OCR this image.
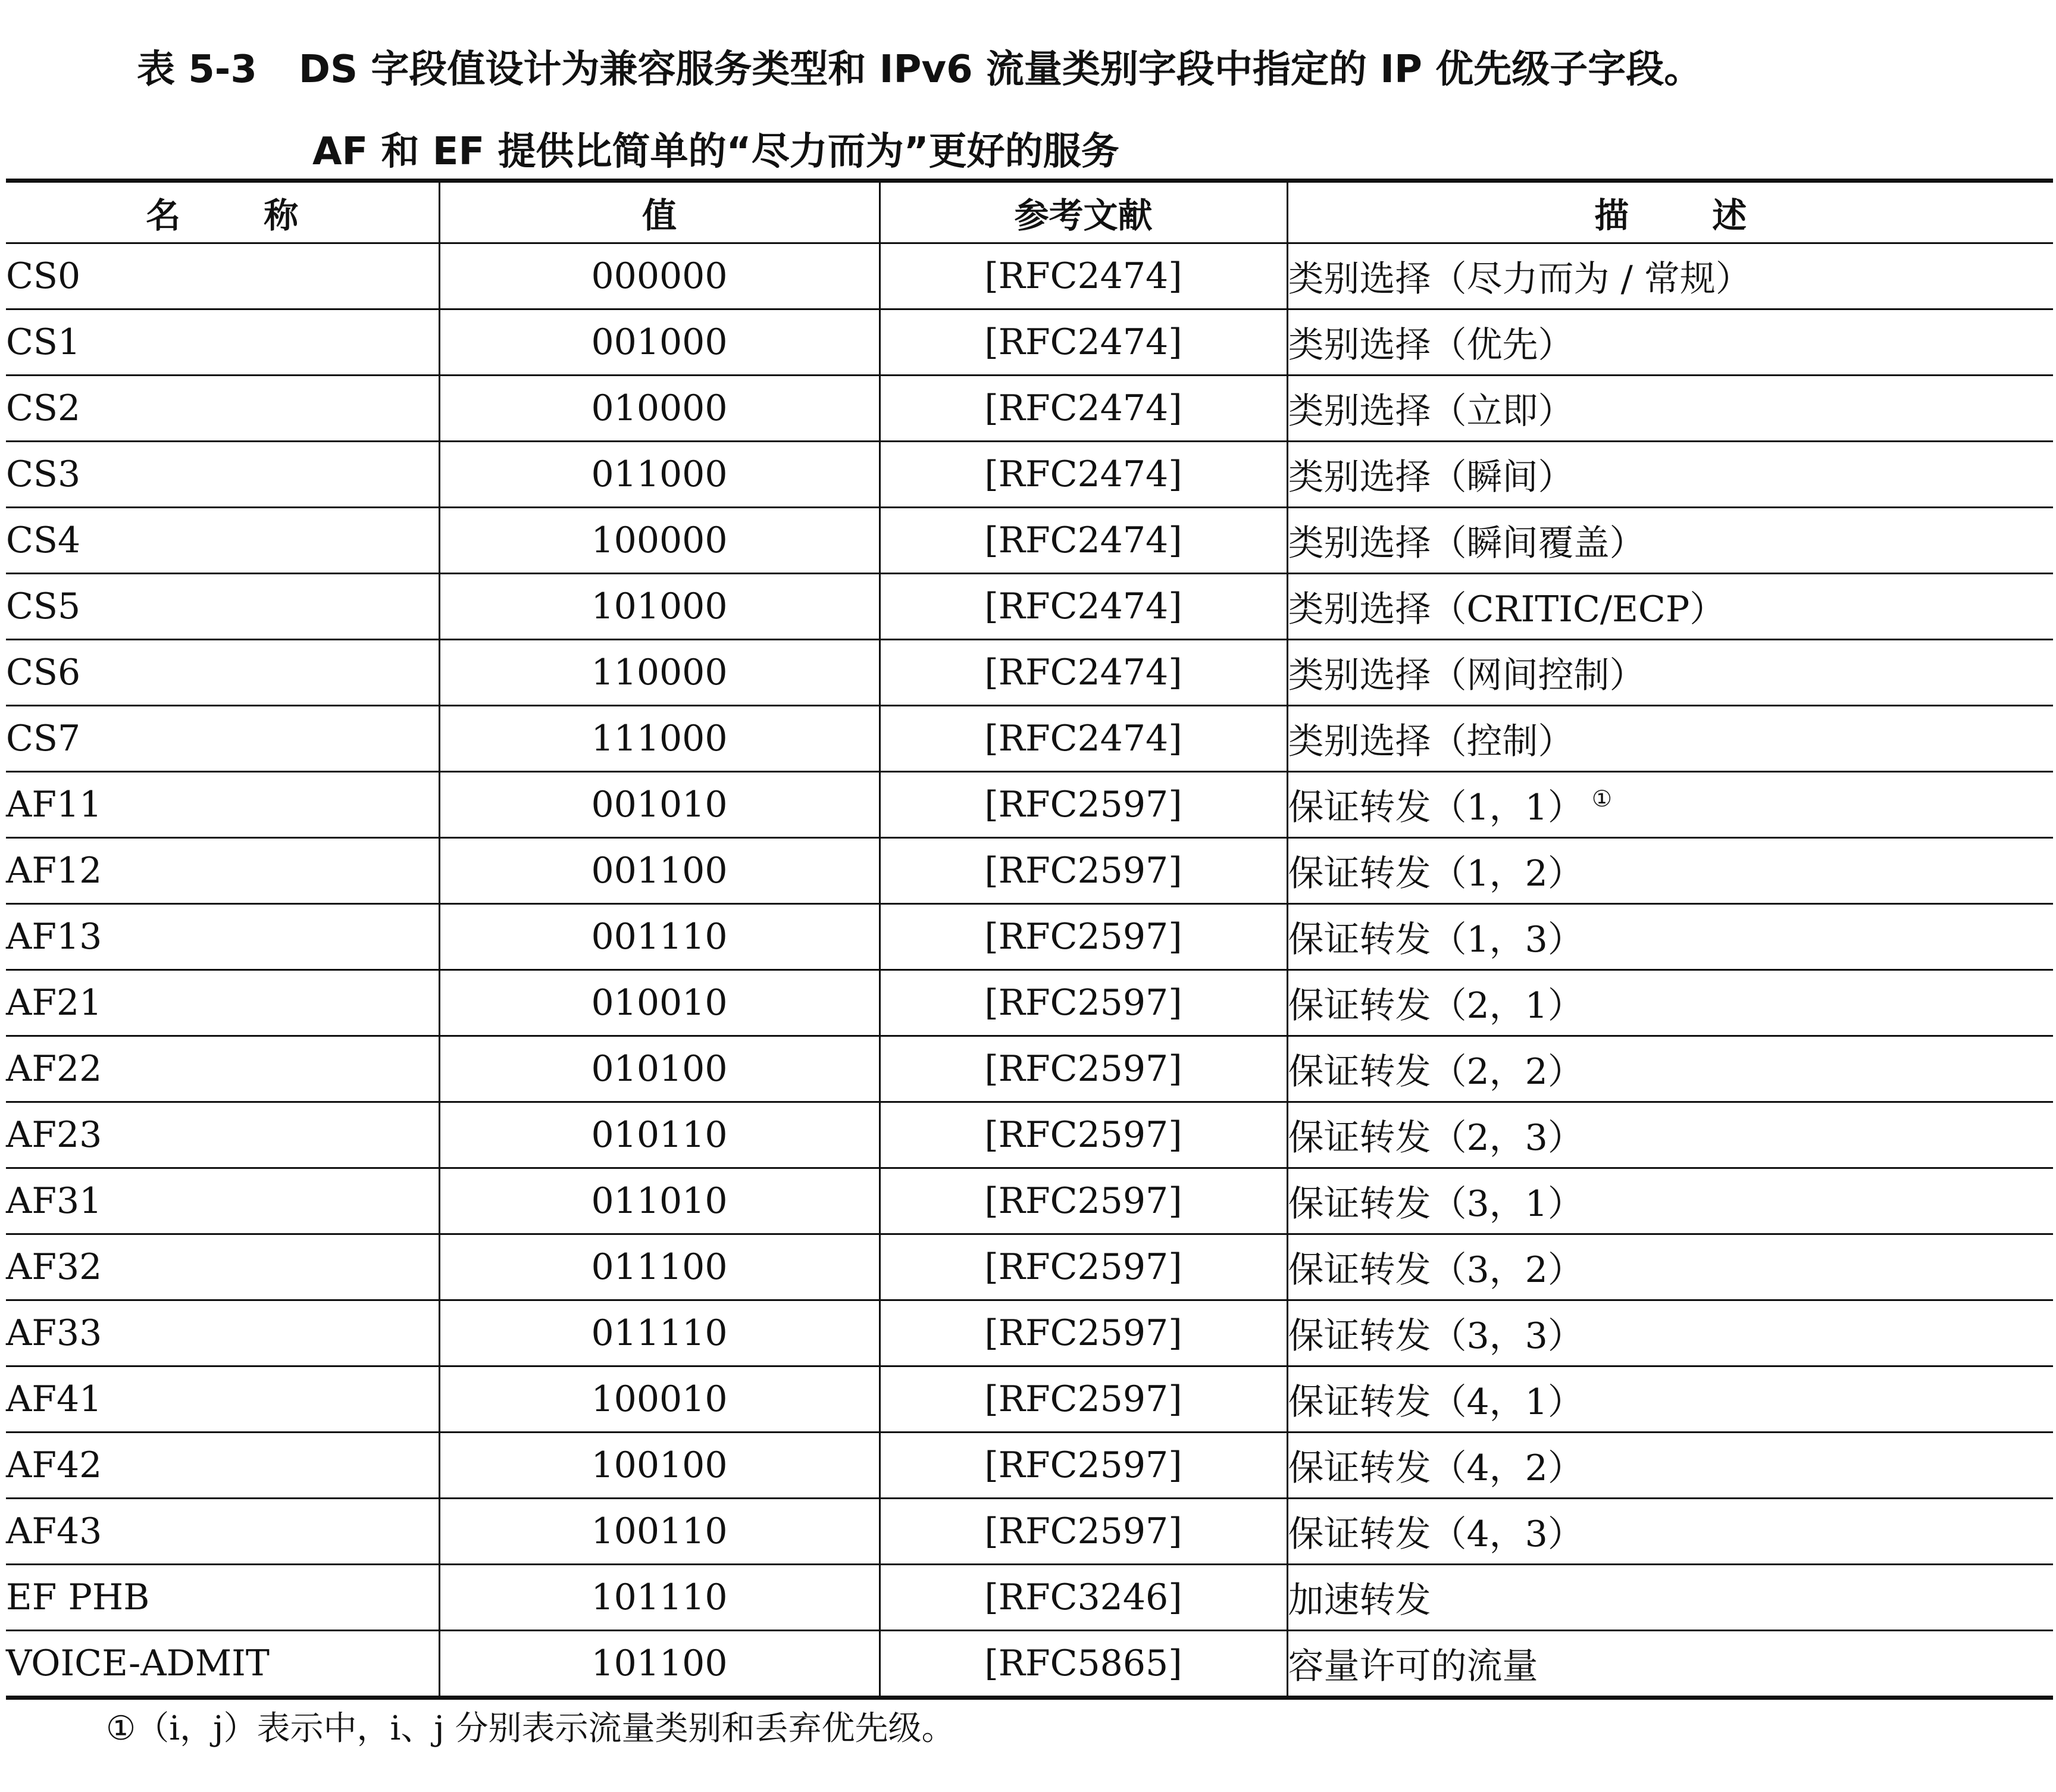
表 5-3 DS 字段值设计为兼容服务类型和 IPv6 流量类别字段中指定的 IP 优先级子字段。
AF 和 EF 提供比简单的“尽力而为”更好的服务
名称	值	参考文献	描述
CS0	000000	[RFC2474]	类别选择（尽力而为 / 常规）
CS1	001000	[RFC2474]	类别选择（优先）
CS2	010000	[RFC2474]	类别选择（立即）
CS3	011000	[RFC2474]	类别选择（瞬间）
CS4	100000	[RFC2474]	类别选择（瞬间覆盖）
CS5	101000	[RFC2474]	类别选择（CRITIC/ECP）
CS6	110000	[RFC2474]	类别选择（网间控制）
CS7	111000	[RFC2474]	类别选择（控制）
AF11	001010	[RFC2597]	保证转发（1，1） ①
AF12	001100	[RFC2597]	保证转发（1，2）
AF13	001110	[RFC2597]	保证转发（1，3）
AF21	010010	[RFC2597]	保证转发（2，1）
AF22	010100	[RFC2597]	保证转发（2，2）
AF23	010110	[RFC2597]	保证转发（2，3）
AF31	011010	[RFC2597]	保证转发（3，1）
AF32	011100	[RFC2597]	保证转发（3，2）
AF33	011110	[RFC2597]	保证转发（3，3）
AF41	100010	[RFC2597]	保证转发（4，1）
AF42	100100	[RFC2597]	保证转发（4，2）
AF43	100110	[RFC2597]	保证转发（4，3）
EF PHB	101110	[RFC3246]	加速转发
VOICE-ADMIT	101100	[RFC5865]	容量许可的流量
①（i，j）表示中，i、j 分别表示流量类别和丢弃优先级。
